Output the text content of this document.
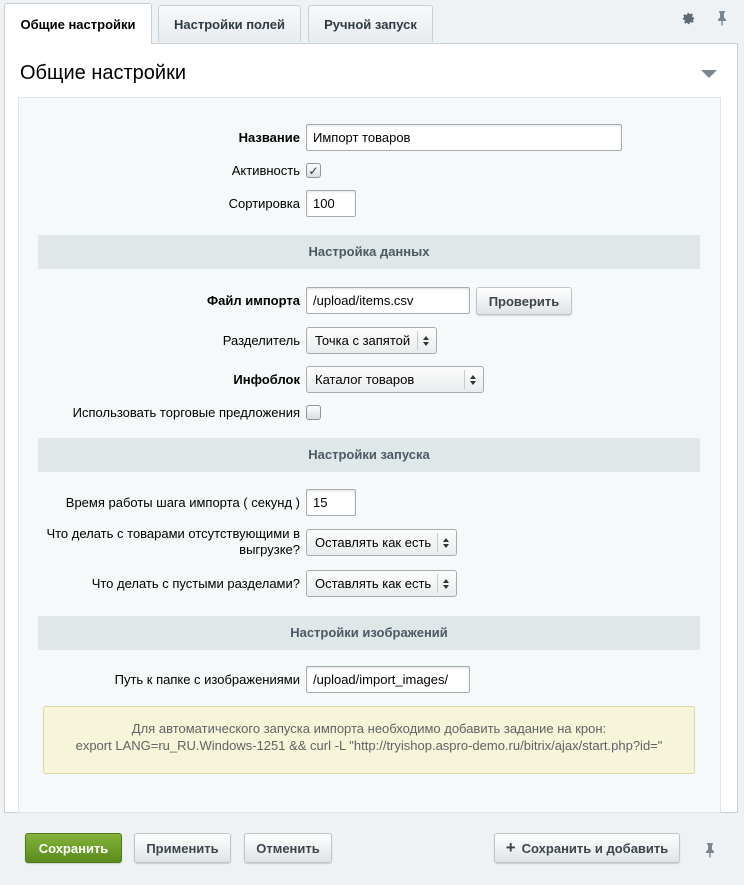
Общие настройки	Настройки полей	Ручной запуск
Общие настройки
Название	Импорт товаров
Активность ✓
Сортировка	100
Настройка данных
Файл импорта	/upload/items.csv	Проверить
Разделитель	Точка с запятой
Инфоблок	Каталог товаров
Использовать торговые предложения
Настройки запуска
Время работы шага импорта ( секунд )	15
Что делать с товарами отсутствующими в
выгрузке?	Оставлять как есть
Что делать с пустыми разделами?	Оставлять как есть
Настройки изображений
Путь к папке с изображениями	/upload/import_images/
Для автоматического запуска импорта необходимо добавить задание на крон:
export LANG=ru_RU.Windows-1251 && curl -L "http://tryishop.aspro-demo.ru/bitrix/ajax/start.php?id="
Сохранить	Применить	Отменить	+ Сохранить и добавить
